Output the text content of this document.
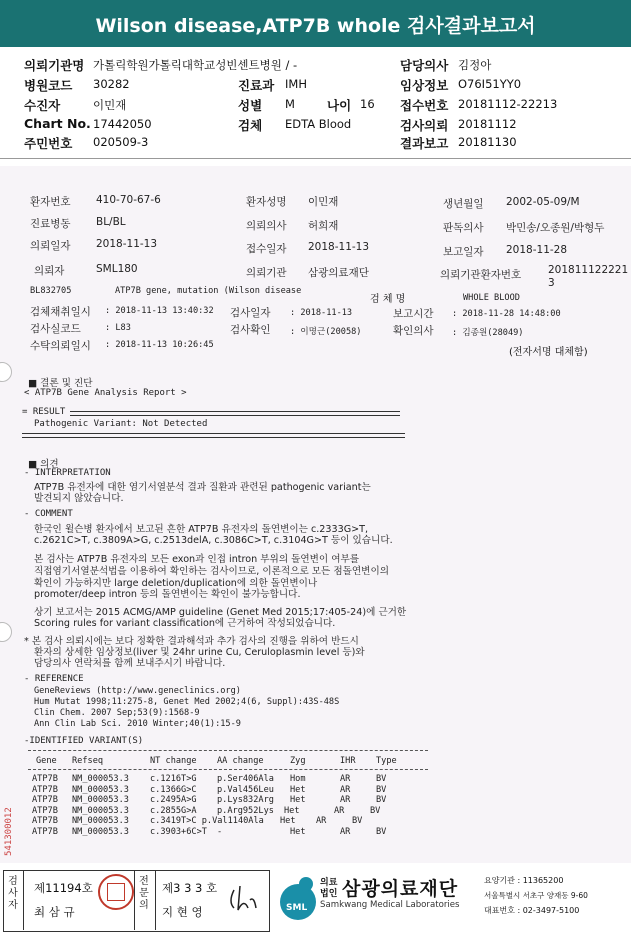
Wilson disease,ATP7B whole 검사결과보고서
의뢰기관명 가톨릭학원가톨릭대학교성빈센트병원 / -
병원코드 30282
수진자	이민재
Chart No. 17442050
주민번호 020509-3
진료과 IMH
성별 M	나이 16
검체 EDTA Blood
담당의사 김정아
임상정보 O76I51YY0
접수번호 20181112-22213
검사의뢰 20181112
결과보고 20181130
환자번호 410-70-67-6	환자성명 이민재	생년월일 2002-05-09/M
진료병동 BL/BL	의뢰의사 허희재	판독의사 박민송/오종원/박형두
의뢰일자 2018-11-13	접수일자 2018-11-13	보고일자 2018-11-28
의뢰자	SML180	의뢰기관 삼광의료재단	의뢰기관환자번호	201811122221
3
BL832705	ATP7B gene, mutation (Wilson disease
검 체 명	WHOLE BLOOD
검체채취일시 : 2018-11-13 13:40:32 검사일자 : 2018-11-13	보고시간 : 2018-11-28 14:48:00
검사실코드	: L83	검사확인 : 이명근(20058)	확인의사 : 김종원(28049)
수탁의뢰일시 : 2018-11-13 10:26:45
(전자서명 대체함)
■ 결론 및 진단
< ATP7B Gene Analysis Report >
= RESULT
Pathogenic Variant: Not Detected
■ 의견
- INTERPRETATION
ATP7B 유전자에 대한 염기서열분석 결과 질환과 관련된 pathogenic variant는
발견되지 않았습니다.
- COMMENT
한국인 윌슨병 환자에서 보고된 흔한 ATP7B 유전자의 돌연변이는 c.2333G>T,
c.2621C>T, c.3809A>G, c.2513delA, c.3086C>T, c.3104G>T 등이 있습니다.
본 검사는 ATP7B 유전자의 모든 exon과 인접 intron 부위의 돌연변이 여부를
직접염기서열분석법을 이용하여 확인하는 검사이므로, 이론적으로 모든 점돌연변이의
확인이 가능하지만 large deletion/duplication에 의한 돌연변이나
promoter/deep intron 등의 돌연변이는 확인이 불가능합니다.
상기 보고서는 2015 ACMG/AMP guideline (Genet Med 2015;17:405-24)에 근거한
Scoring rules for variant classification에 근거하여 작성되었습니다.
* 본 검사 의뢰시에는 보다 정확한 결과해석과 추가 검사의 진행을 위하여 반드시
환자의 상세한 임상정보(liver 및 24hr urine Cu, Ceruloplasmin level 등)와
담당의사 연락처를 함께 보내주시기 바랍니다.
- REFERENCE
GeneReviews (http://www.geneclinics.org)
Hum Mutat 1998;11:275-8, Genet Med 2002;4(6, Suppl):43S-48S
Clin Chem. 2007 Sep;53(9):1568-9
Ann Clin Lab Sci. 2010 Winter;40(1):15-9
-IDENTIFIED VARIANT(S)
Gene Refseq	NT change AA change	Zyg	IHR Type
ATP7B NM_000053.3 c.1216T>G p.Ser406Ala Hom	AR	BV
ATP7B NM_000053.3 c.1366G>C p.Val456Leu Het	AR	BV
ATP7B NM_000053.3 c.2495A>G p.Lys832Arg Het	AR	BV
ATP7B NM_000053.3 c.2855G>A p.Arg952Lys Het	AR	BV
ATP7B NM_000053.3 c.3419T>C p.Val1140Ala Het AR	BV
ATP7B NM_000053.3 c.3903+6C>T -	Het	AR	BV
541300012
검사자
제11194호
최 삼 규
전문의
제3 3 3 호
지 현 영	SML
의료법인 삼광의료재단
Samkwang Medical Laboratories
요양기관 : 11365200
서울특별시 서초구 양재동 9-60
대표번호 : 02-3497-5100
